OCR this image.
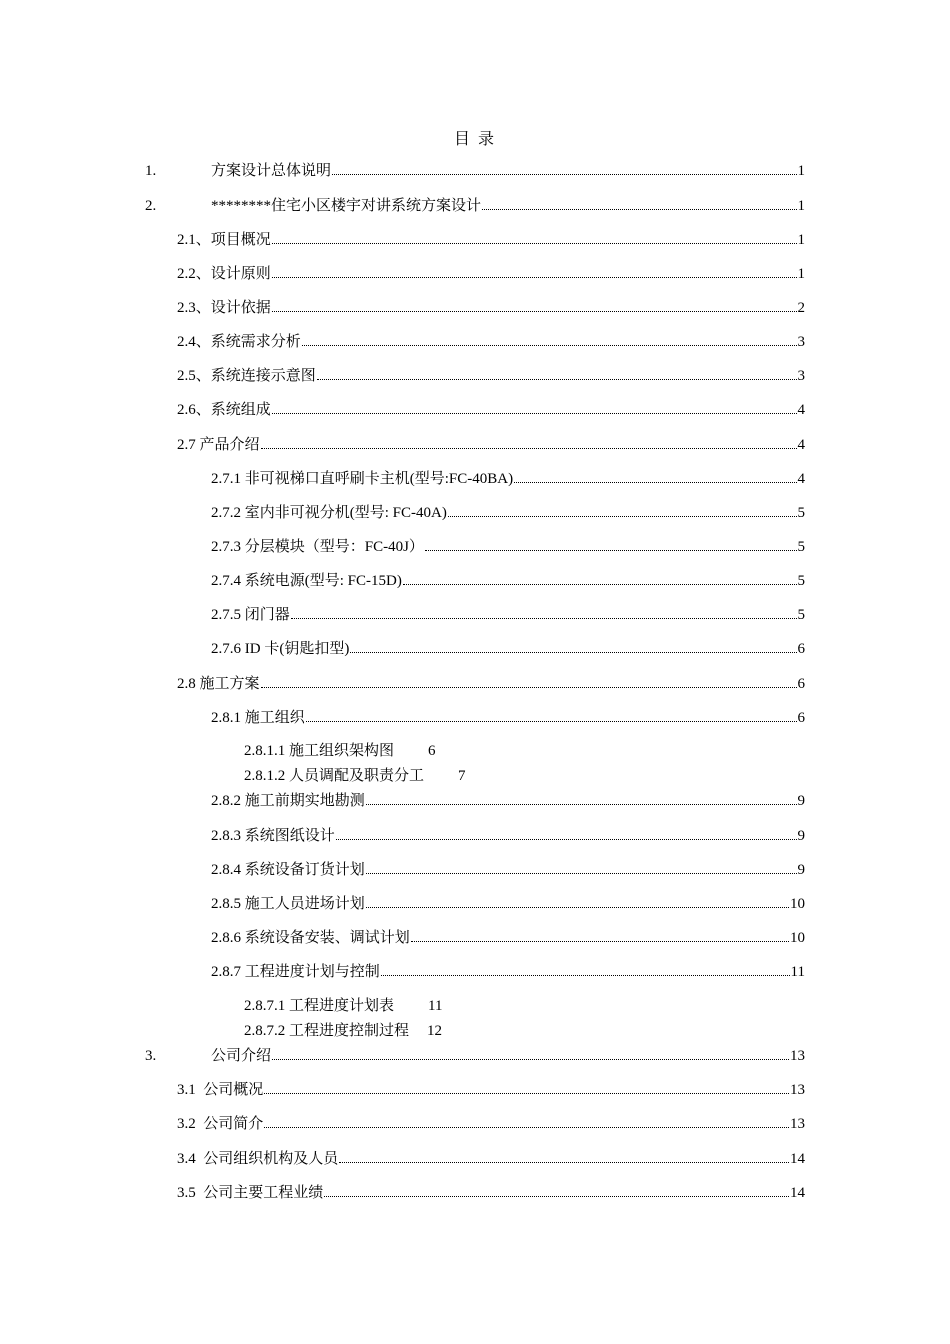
目 录
1.	方案设计总体说明	1
2.	********住宅小区楼宇对讲系统方案设计	1
2.1、项目概况	1
2.2、设计原则	1
2.3、设计依据	2
2.4、系统需求分析	3
2.5、系统连接示意图	3
2.6、系统组成	4
2.7 产品介绍	4
2.7.1 非可视梯口直呼刷卡主机(型号:FC-40BA)	4
2.7.2 室内非可视分机(型号: FC-40A)	5
2.7.3 分层模块（型号：FC-40J）	5
2.7.4 系统电源(型号: FC-15D)	5
2.7.5 闭门器	5
2.7.6 ID 卡(钥匙扣型)	6
2.8 施工方案	6
2.8.1 施工组织	6
2.8.1.1 施工组织架构图 6
2.8.1.2 人员调配及职责分工 7
2.8.2 施工前期实地勘测	9
2.8.3 系统图纸设计	9
2.8.4 系统设备订货计划	9
2.8.5 施工人员进场计划	10
2.8.6 系统设备安装、调试计划	10
2.8.7 工程进度计划与控制	11
2.8.7.1 工程进度计划表 11
2.8.7.2 工程进度控制过程 12
3.	公司介绍	13
3.1  公司概况	13
3.2  公司简介	13
3.4  公司组织机构及人员	14
3.5  公司主要工程业绩	14
